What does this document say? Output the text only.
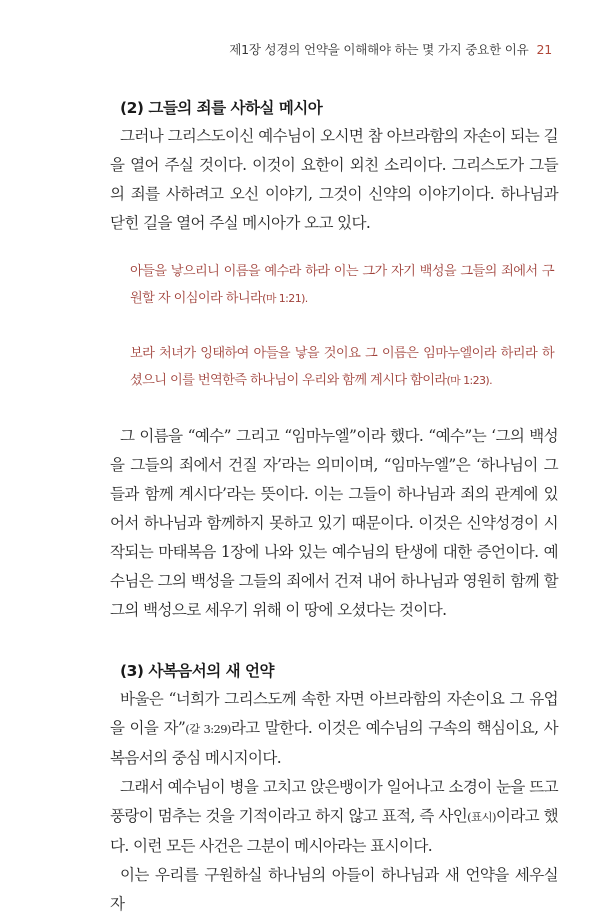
제1장 성경의 언약을 이해해야 하는 몇 가지 중요한 이유 21
(2) 그들의 죄를 사하실 메시아

그러나 그리스도이신 예수님이 오시면 참 아브라함의 자손이 되는 길을 열어 주실 것이다. 이것이 요한이 외친 소리이다. 그리스도가 그들의 죄를 사하려고 오신 이야기, 그것이 신약의 이야기이다. 하나님과 닫힌 길을 열어 주실 메시아가 오고 있다.

아들을 낳으리니 이름을 예수라 하라 이는 그가 자기 백성을 그들의 죄에서 구원할 자 이심이라 하니라(마 1:21).

보라 처녀가 잉태하여 아들을 낳을 것이요 그 이름은 임마누엘이라 하리라 하셨으니 이를 번역한즉 하나님이 우리와 함께 계시다 함이라(마 1:23).

그 이름을 “예수” 그리고 “임마누엘”이라 했다. “예수”는 ‘그의 백성을 그들의 죄에서 건질 자’라는 의미이며, “임마누엘”은 ‘하나님이 그들과 함께 계시다’라는 뜻이다. 이는 그들이 하나님과 죄의 관계에 있어서 하나님과 함께하지 못하고 있기 때문이다. 이것은 신약성경이 시작되는 마태복음 1장에 나와 있는 예수님의 탄생에 대한 증언이다. 예수님은 그의 백성을 그들의 죄에서 건져 내어 하나님과 영원히 함께 할 그의 백성으로 세우기 위해 이 땅에 오셨다는 것이다.

(3) 사복음서의 새 언약

바울은 “너희가 그리스도께 속한 자면 아브라함의 자손이요 그 유업을 이을 자”(갈 3:29)라고 말한다. 이것은 예수님의 구속의 핵심이요, 사복음서의 중심 메시지이다.

그래서 예수님이 병을 고치고 앉은뱅이가 일어나고 소경이 눈을 뜨고 풍랑이 멈추는 것을 기적이라고 하지 않고 표적, 즉 사인(표시)이라고 했다. 이런 모든 사건은 그분이 메시아라는 표시이다.

이는 우리를 구원하실 하나님의 아들이 하나님과 새 언약을 세우실 자
